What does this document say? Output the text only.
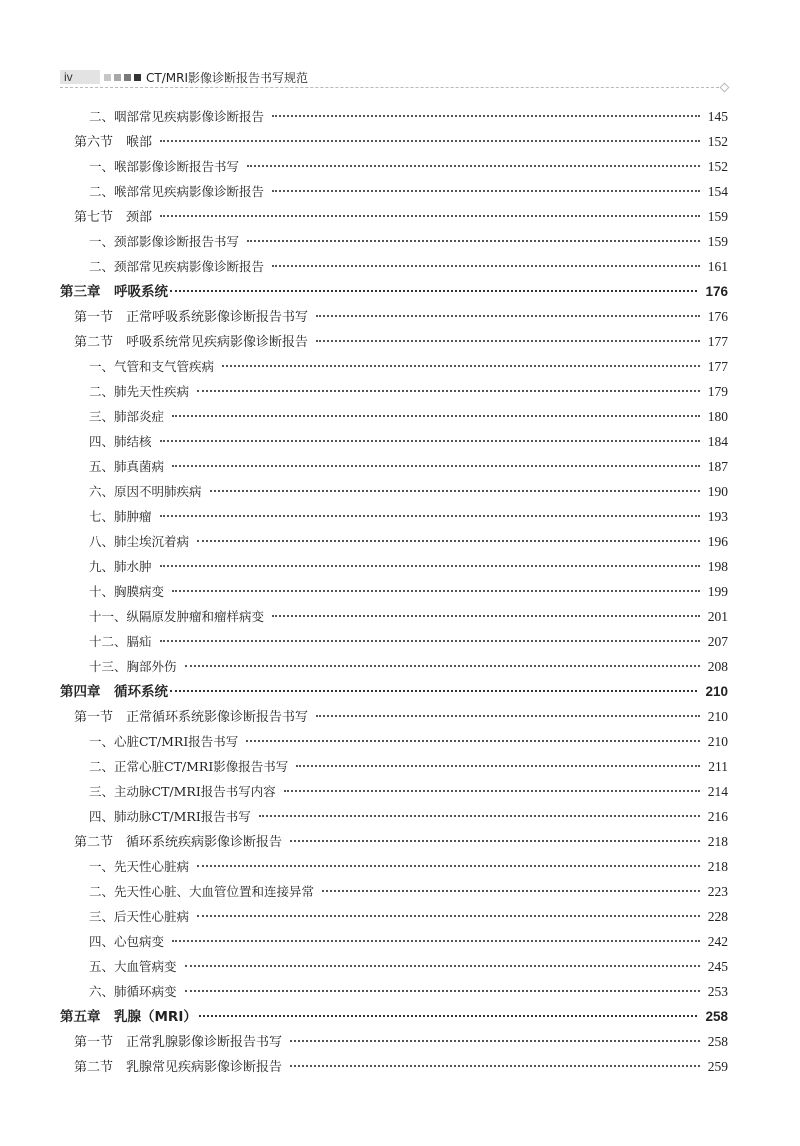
iv	CT/MRI影像诊断报告书写规范
二、咽部常见疾病影像诊断报告	145
第六节　喉部	152
一、喉部影像诊断报告书写	152
二、喉部常见疾病影像诊断报告	154
第七节　颈部	159
一、颈部影像诊断报告书写	159
二、颈部常见疾病影像诊断报告	161
第三章　呼吸系统	176
第一节　正常呼吸系统影像诊断报告书写	176
第二节　呼吸系统常见疾病影像诊断报告	177
一、气管和支气管疾病	177
二、肺先天性疾病	179
三、肺部炎症	180
四、肺结核	184
五、肺真菌病	187
六、原因不明肺疾病	190
七、肺肿瘤	193
八、肺尘埃沉着病	196
九、肺水肿	198
十、胸膜病变	199
十一、纵隔原发肿瘤和瘤样病变	201
十二、膈疝	207
十三、胸部外伤	208
第四章　循环系统	210
第一节　正常循环系统影像诊断报告书写	210
一、心脏CT/MRI报告书写	210
二、正常心脏CT/MRI影像报告书写	211
三、主动脉CT/MRI报告书写内容	214
四、肺动脉CT/MRI报告书写	216
第二节　循环系统疾病影像诊断报告	218
一、先天性心脏病	218
二、先天性心脏、大血管位置和连接异常	223
三、后天性心脏病	228
四、心包病变	242
五、大血管病变	245
六、肺循环病变	253
第五章　乳腺（MRI）	258
第一节　正常乳腺影像诊断报告书写	258
第二节　乳腺常见疾病影像诊断报告	259
